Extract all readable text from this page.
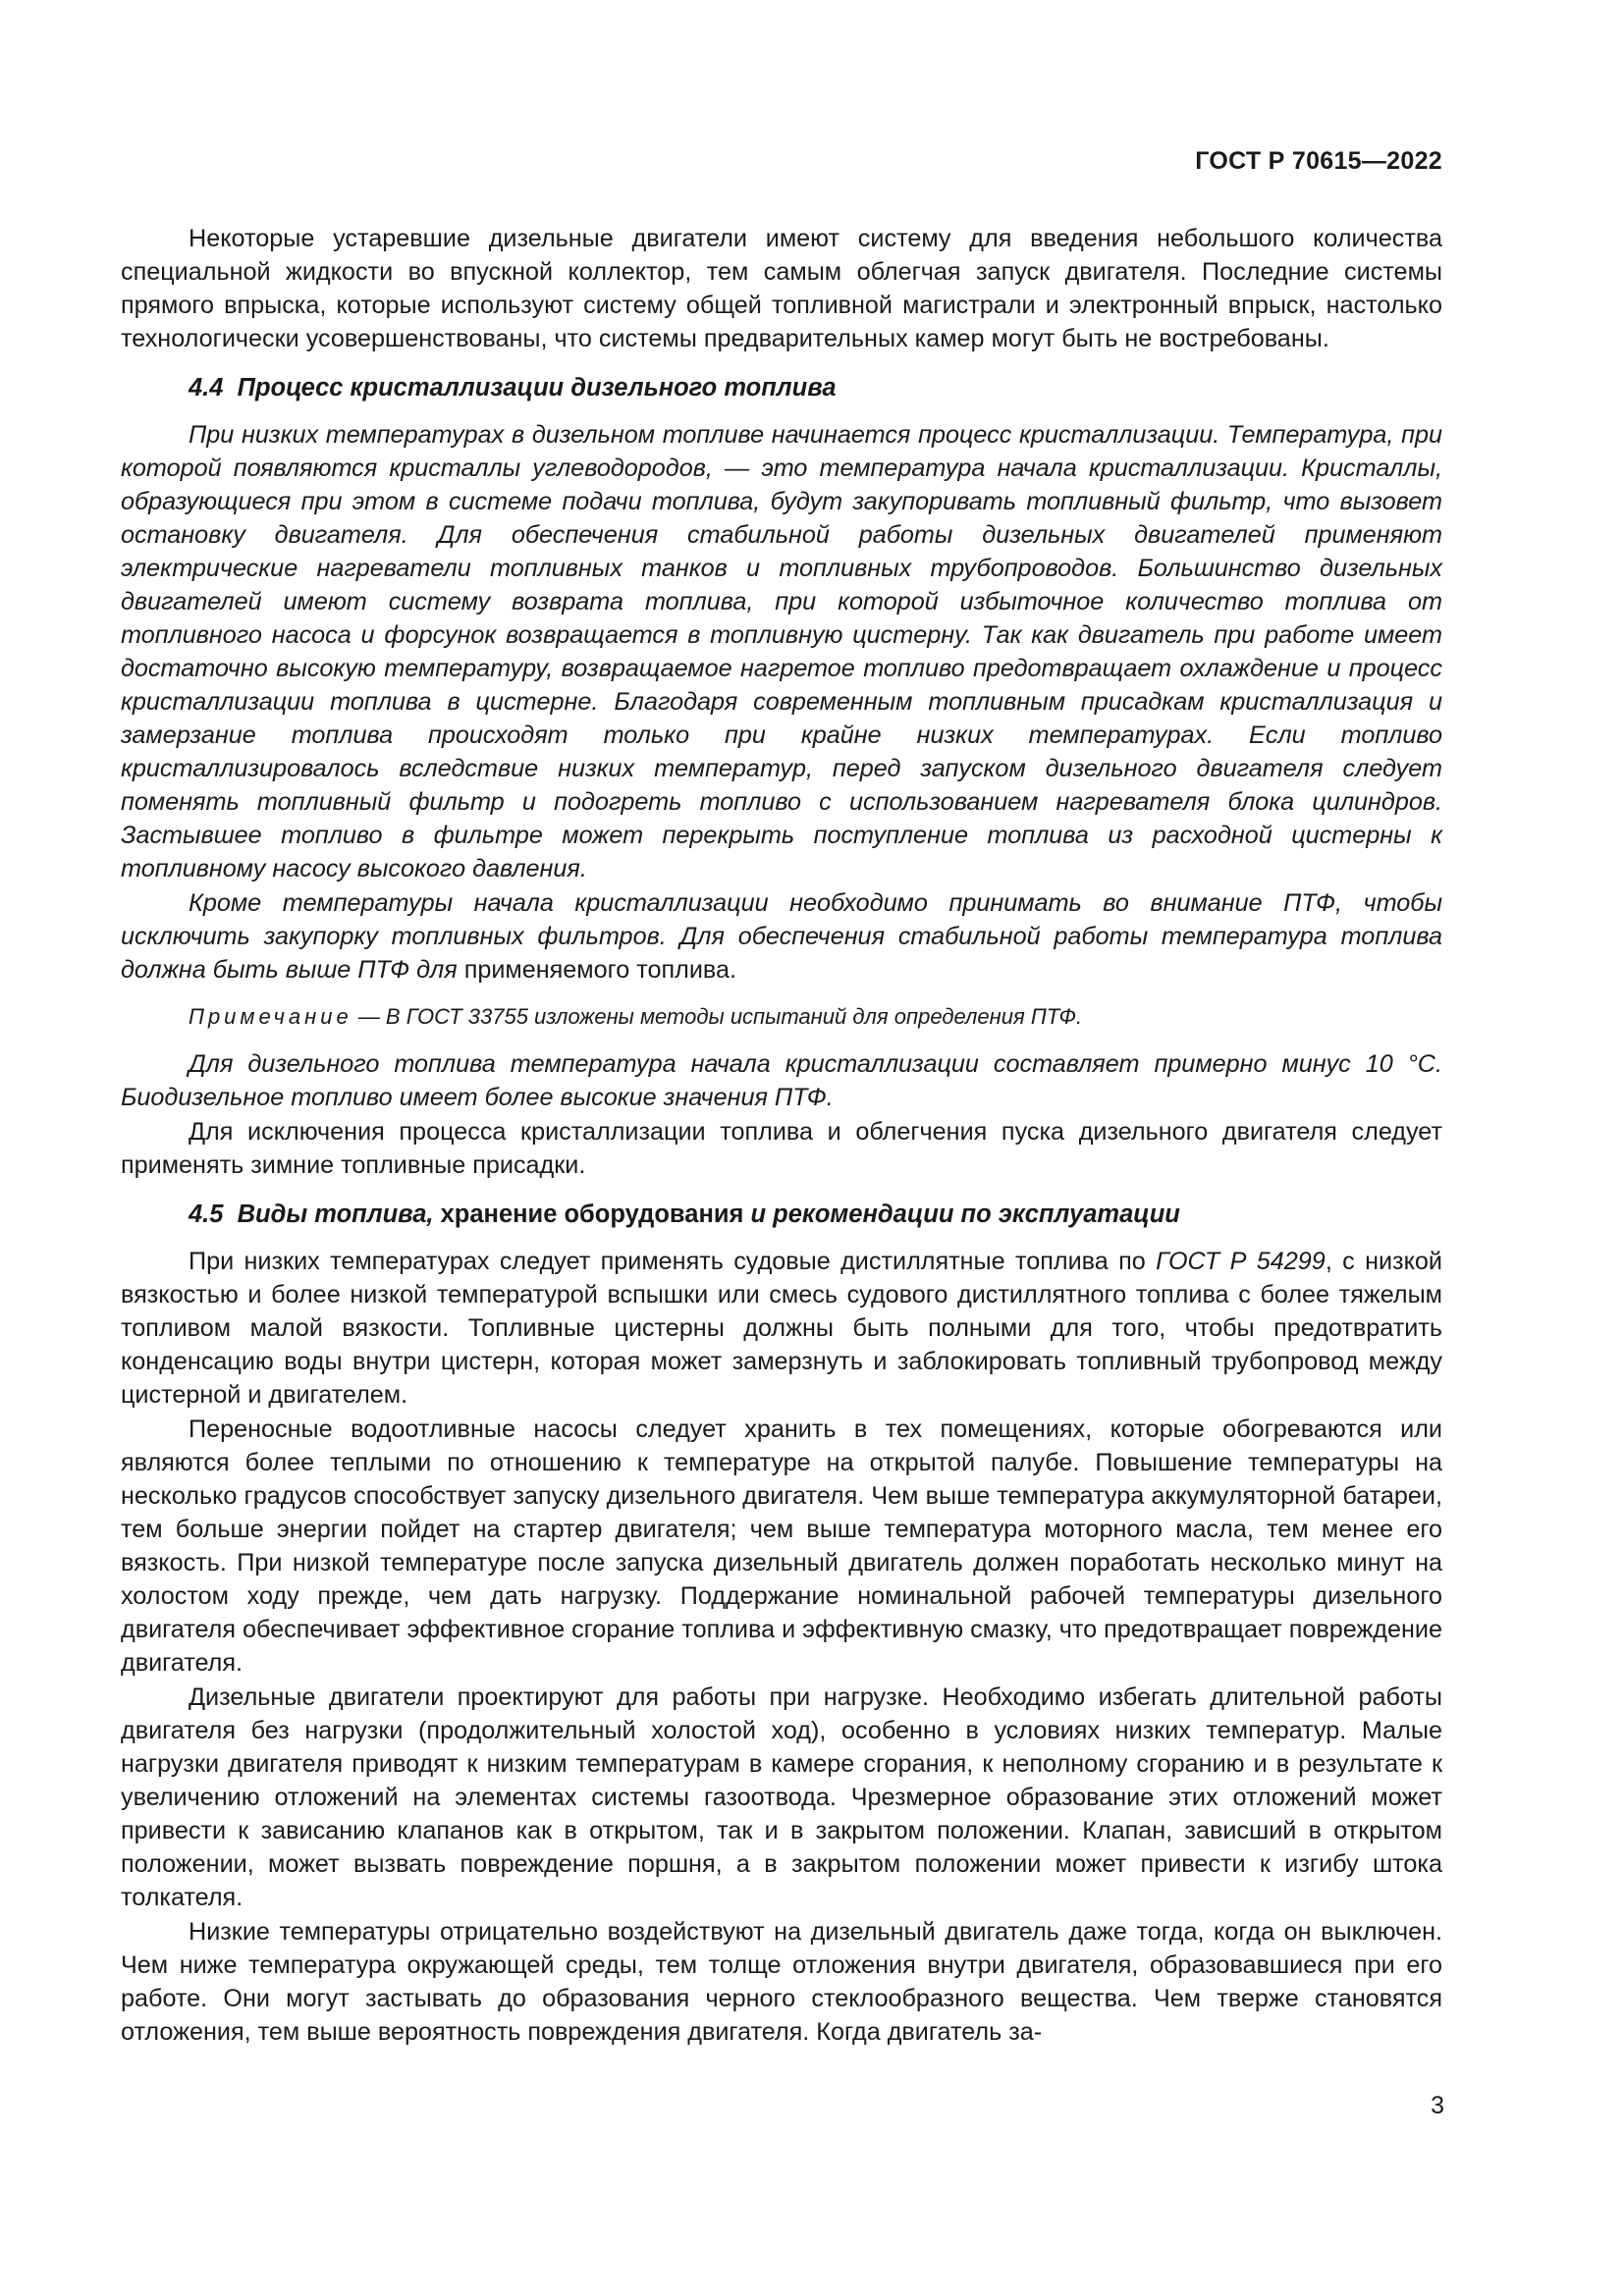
ГОСТ Р 70615—2022

Некоторые устаревшие дизельные двигатели имеют систему для введения небольшого количества специальной жидкости во впускной коллектор, тем самым облегчая запуск двигателя. Последние системы прямого впрыска, которые используют систему общей топливной магистрали и электронный впрыск, настолько технологически усовершенствованы, что системы предварительных камер могут быть не востребованы.

4.4 Процесс кристаллизации дизельного топлива

При низких температурах в дизельном топливе начинается процесс кристаллизации. Температура, при которой появляются кристаллы углеводородов, — это температура начала кристаллизации. Кристаллы, образующиеся при этом в системе подачи топлива, будут закупоривать топливный фильтр, что вызовет остановку двигателя. Для обеспечения стабильной работы дизельных двигателей применяют электрические нагреватели топливных танков и топливных трубопроводов. Большинство дизельных двигателей имеют систему возврата топлива, при которой избыточное количество топлива от топливного насоса и форсунок возвращается в топливную цистерну. Так как двигатель при работе имеет достаточно высокую температуру, возвращаемое нагретое топливо предотвращает охлаждение и процесс кристаллизации топлива в цистерне. Благодаря современным топливным присадкам кристаллизация и замерзание топлива происходят только при крайне низких температурах. Если топливо кристаллизировалось вследствие низких температур, перед запуском дизельного двигателя следует поменять топливный фильтр и подогреть топливо с использованием нагревателя блока цилиндров. Застывшее топливо в фильтре может перекрыть поступление топлива из расходной цистерны к топливному насосу высокого давления.

Кроме температуры начала кристаллизации необходимо принимать во внимание ПТФ, чтобы исключить закупорку топливных фильтров. Для обеспечения стабильной работы температура топлива должна быть выше ПТФ для применяемого топлива.

Примечание — В ГОСТ 33755 изложены методы испытаний для определения ПТФ.

Для дизельного топлива температура начала кристаллизации составляет примерно минус 10 °C. Биодизельное топливо имеет более высокие значения ПТФ.

Для исключения процесса кристаллизации топлива и облегчения пуска дизельного двигателя следует применять зимние топливные присадки.

4.5 Виды топлива, хранение оборудования и рекомендации по эксплуатации

При низких температурах следует применять судовые дистиллятные топлива по ГОСТ Р 54299, с низкой вязкостью и более низкой температурой вспышки или смесь судового дистиллятного топлива с более тяжелым топливом малой вязкости. Топливные цистерны должны быть полными для того, чтобы предотвратить конденсацию воды внутри цистерн, которая может замерзнуть и заблокировать топливный трубопровод между цистерной и двигателем.

Переносные водоотливные насосы следует хранить в тех помещениях, которые обогреваются или являются более теплыми по отношению к температуре на открытой палубе. Повышение температуры на несколько градусов способствует запуску дизельного двигателя. Чем выше температура аккумуляторной батареи, тем больше энергии пойдет на стартер двигателя; чем выше температура моторного масла, тем менее его вязкость. При низкой температуре после запуска дизельный двигатель должен поработать несколько минут на холостом ходу прежде, чем дать нагрузку. Поддержание номинальной рабочей температуры дизельного двигателя обеспечивает эффективное сгорание топлива и эффективную смазку, что предотвращает повреждение двигателя.

Дизельные двигатели проектируют для работы при нагрузке. Необходимо избегать длительной работы двигателя без нагрузки (продолжительный холостой ход), особенно в условиях низких температур. Малые нагрузки двигателя приводят к низким температурам в камере сгорания, к неполному сгоранию и в результате к увеличению отложений на элементах системы газоотвода. Чрезмерное образование этих отложений может привести к зависанию клапанов как в открытом, так и в закрытом положении. Клапан, зависший в открытом положении, может вызвать повреждение поршня, а в закрытом положении может привести к изгибу штока толкателя.

Низкие температуры отрицательно воздействуют на дизельный двигатель даже тогда, когда он выключен. Чем ниже температура окружающей среды, тем толще отложения внутри двигателя, образовавшиеся при его работе. Они могут застывать до образования черного стеклообразного вещества. Чем тверже становятся отложения, тем выше вероятность повреждения двигателя. Когда двигатель за-

3
